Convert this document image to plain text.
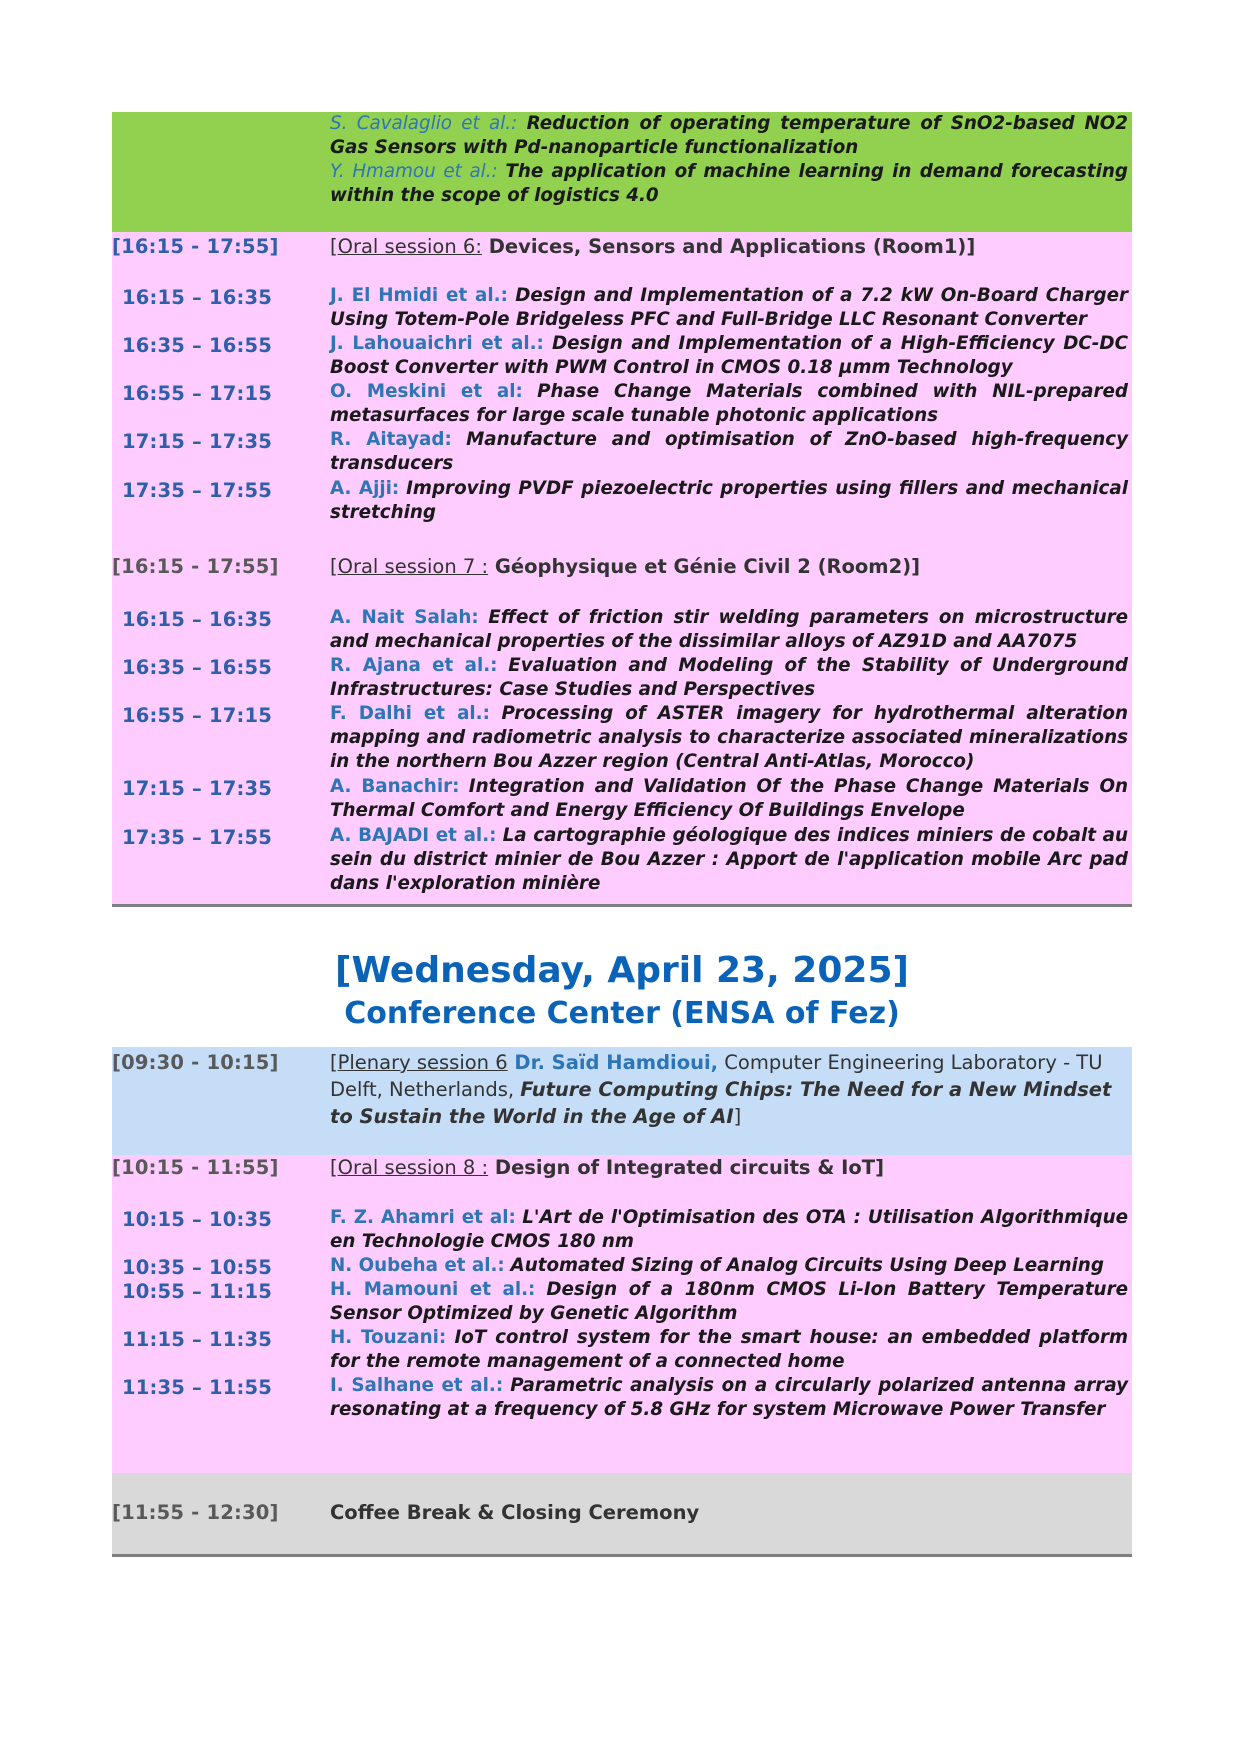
S. Cavalaglio et al.: Reduction of operating temperature of SnO2-based NO2 Gas Sensors with Pd-nanoparticle functionalization
Y. Hmamou et al.: The application of machine learning in demand forecasting within the scope of logistics 4.0
[16:15 - 17:55]	[Oral session 6: Devices, Sensors and Applications (Room1)]
16:15 – 16:35	J. El Hmidi et al.: Design and Implementation of a 7.2 kW On-Board Charger Using Totem-Pole Bridgeless PFC and Full-Bridge LLC Resonant Converter
16:35 – 16:55	J. Lahouaichri et al.: Design and Implementation of a High-Efficiency DC-DC Boost Converter with PWM Control in CMOS 0.18 µmm Technology
16:55 – 17:15	O. Meskini et al: Phase Change Materials combined with NIL-prepared metasurfaces for large scale tunable photonic applications
17:15 – 17:35	R. Aitayad: Manufacture and optimisation of ZnO-based high-frequency transducers
17:35 – 17:55	A. Ajji: Improving PVDF piezoelectric properties using fillers and mechanical stretching
[16:15 - 17:55]	[Oral session 7 : Géophysique et Génie Civil 2 (Room2)]
16:15 – 16:35	A. Nait Salah: Effect of friction stir welding parameters on microstructure and mechanical properties of the dissimilar alloys of AZ91D and AA7075
16:35 – 16:55	R. Ajana et al.: Evaluation and Modeling of the Stability of Underground Infrastructures: Case Studies and Perspectives
16:55 – 17:15	F. Dalhi et al.: Processing of ASTER imagery for hydrothermal alteration mapping and radiometric analysis to characterize associated mineralizations in the northern Bou Azzer region (Central Anti-Atlas, Morocco)
17:15 – 17:35	A. Banachir: Integration and Validation Of the Phase Change Materials On Thermal Comfort and Energy Efficiency Of Buildings Envelope
17:35 – 17:55	A. BAJADI et al.: La cartographie géologique des indices miniers de cobalt au sein du district minier de Bou Azzer : Apport de l'application mobile Arc pad dans l'exploration minière
[Wednesday, April 23, 2025]
Conference Center (ENSA of Fez)
[09:30 - 10:15]	[Plenary session 6 Dr. Saïd Hamdioui, Computer Engineering Laboratory - TU Delft, Netherlands, Future Computing Chips: The Need for a New Mindset to Sustain the World in the Age of AI]
[10:15 - 11:55]	[Oral session 8 : Design of Integrated circuits & IoT]
10:15 – 10:35	F. Z. Ahamri et al: L'Art de l'Optimisation des OTA : Utilisation Algorithmique en Technologie CMOS 180 nm
10:35 – 10:55	N. Oubeha et al.: Automated Sizing of Analog Circuits Using Deep Learning
10:55 – 11:15	H. Mamouni et al.: Design of a 180nm CMOS Li-Ion Battery Temperature Sensor Optimized by Genetic Algorithm
11:15 – 11:35	H. Touzani: IoT control system for the smart house: an embedded platform for the remote management of a connected home
11:35 – 11:55	I. Salhane et al.: Parametric analysis on a circularly polarized antenna array resonating at a frequency of 5.8 GHz for system Microwave Power Transfer
[11:55 - 12:30]	Coffee Break & Closing Ceremony
